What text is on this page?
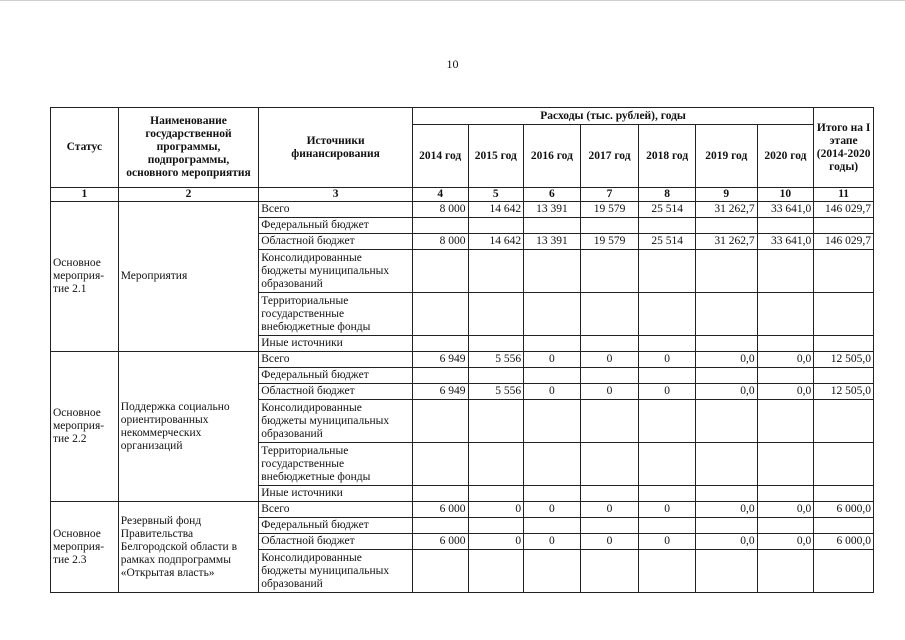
10
Статус	Наименование государственной программы, подпрограммы, основного мероприятия	Источники финансирования	Расходы (тыс. рублей), годы							Итого на I этапе (2014-2020 годы)
			2014 год	2015 год	2016 год	2017 год	2018 год	2019 год	2020 год	
1	2	3	4	5	6	7	8	9	10	11
Основное мероприя-тие 2.1	Мероприятия	Всего	8 000	14 642	13 391	19 579	25 514	31 262,7	33 641,0	146 029,7
		Федеральный бюджет								
		Областной бюджет	8 000	14 642	13 391	19 579	25 514	31 262,7	33 641,0	146 029,7
		Консолидированные бюджеты муниципальных образований								
		Территориальные государственные внебюджетные фонды								
		Иные источники								
Основное мероприя-тие 2.2	Поддержка социально ориентированных некоммерческих организаций	Всего	6 949	5 556	0	0	0	0,0	0,0	12 505,0
		Федеральный бюджет								
		Областной бюджет	6 949	5 556	0	0	0	0,0	0,0	12 505,0
		Консолидированные бюджеты муниципальных образований								
		Территориальные государственные внебюджетные фонды								
		Иные источники								
Основное мероприя-тие 2.3	Резервный фонд Правительства Белгородской области в рамках подпрограммы «Открытая власть»	Всего	6 000	0	0	0	0	0,0	0,0	6 000,0
		Федеральный бюджет								
		Областной бюджет	6 000	0	0	0	0	0,0	0,0	6 000,0
		Консолидированные бюджеты муниципальных образований								
